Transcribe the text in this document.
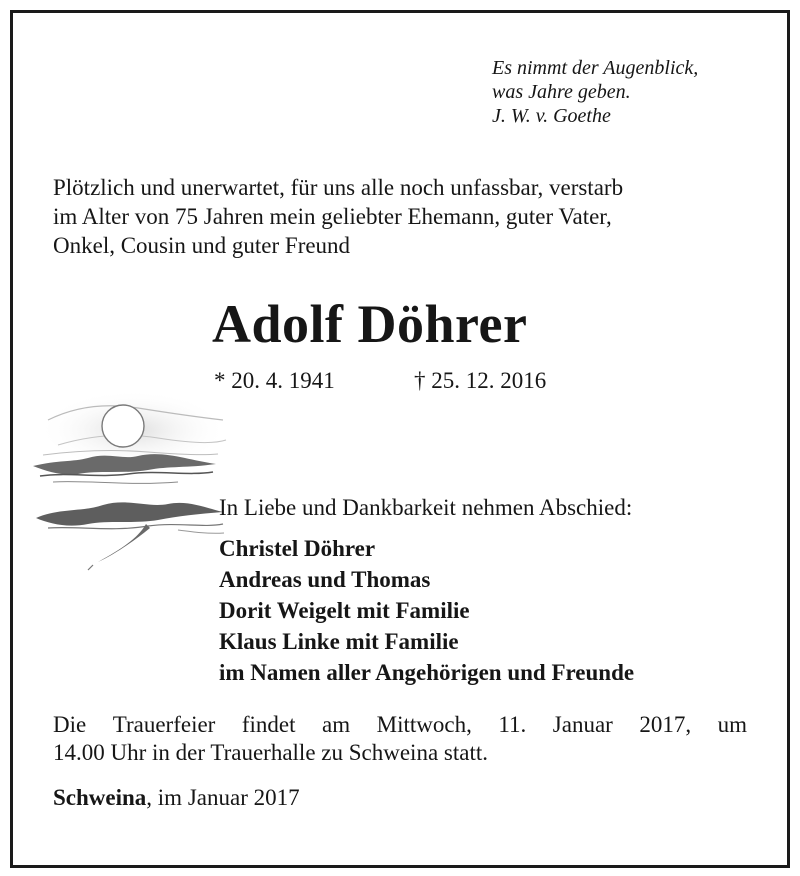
Es nimmt der Augenblick,
was Jahre geben.
J. W. v. Goethe
Plötzlich und unerwartet, für uns alle noch unfassbar, verstarb
im Alter von 75 Jahren mein geliebter Ehemann, guter Vater,
Onkel, Cousin und guter Freund
Adolf Döhrer
* 20. 4. 1941	† 25. 12. 2016
In Liebe und Dankbarkeit nehmen Abschied:
Christel Döhrer
Andreas und Thomas
Dorit Weigelt mit Familie
Klaus Linke mit Familie
im Namen aller Angehörigen und Freunde
Die Trauerfeier findet am Mittwoch, 11. Januar 2017, um
14.00 Uhr in der Trauerhalle zu Schweina statt.
Schweina, im Januar 2017
